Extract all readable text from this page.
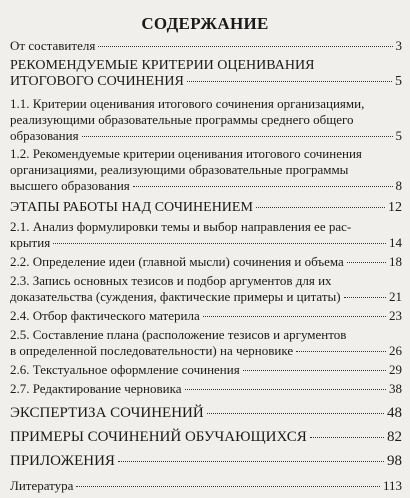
СОДЕРЖАНИЕ
От составителя	3
РЕКОМЕНДУЕМЫЕ КРИТЕРИИ ОЦЕНИВАНИЯ
ИТОГОВОГО СОЧИНЕНИЯ	5
1.1. Критерии оценивания итогового сочинения организациями,
реализующими образовательные программы среднего общего
образования	5
1.2. Рекомендуемые критерии оценивания итогового сочинения
организациями, реализующими образовательные программы
высшего образования	8
ЭТАПЫ РАБОТЫ НАД СОЧИНЕНИЕМ	12
2.1. Анализ формулировки темы и выбор направления ее рас-
крытия	14
2.2. Определение идеи (главной мысли) сочинения и объема	18
2.3. Запись основных тезисов и подбор аргументов для их
доказательства (суждения, фактические примеры и цитаты)	21
2.4. Отбор фактического материла	23
2.5. Составление плана (расположение тезисов и аргументов
в определенной последовательности) на черновике	26
2.6. Текстуальное оформление сочинения	29
2.7. Редактирование черновика	38
ЭКСПЕРТИЗА СОЧИНЕНИЙ	48
ПРИМЕРЫ СОЧИНЕНИЙ ОБУЧАЮЩИХСЯ	82
ПРИЛОЖЕНИЯ	98
Литература	113
